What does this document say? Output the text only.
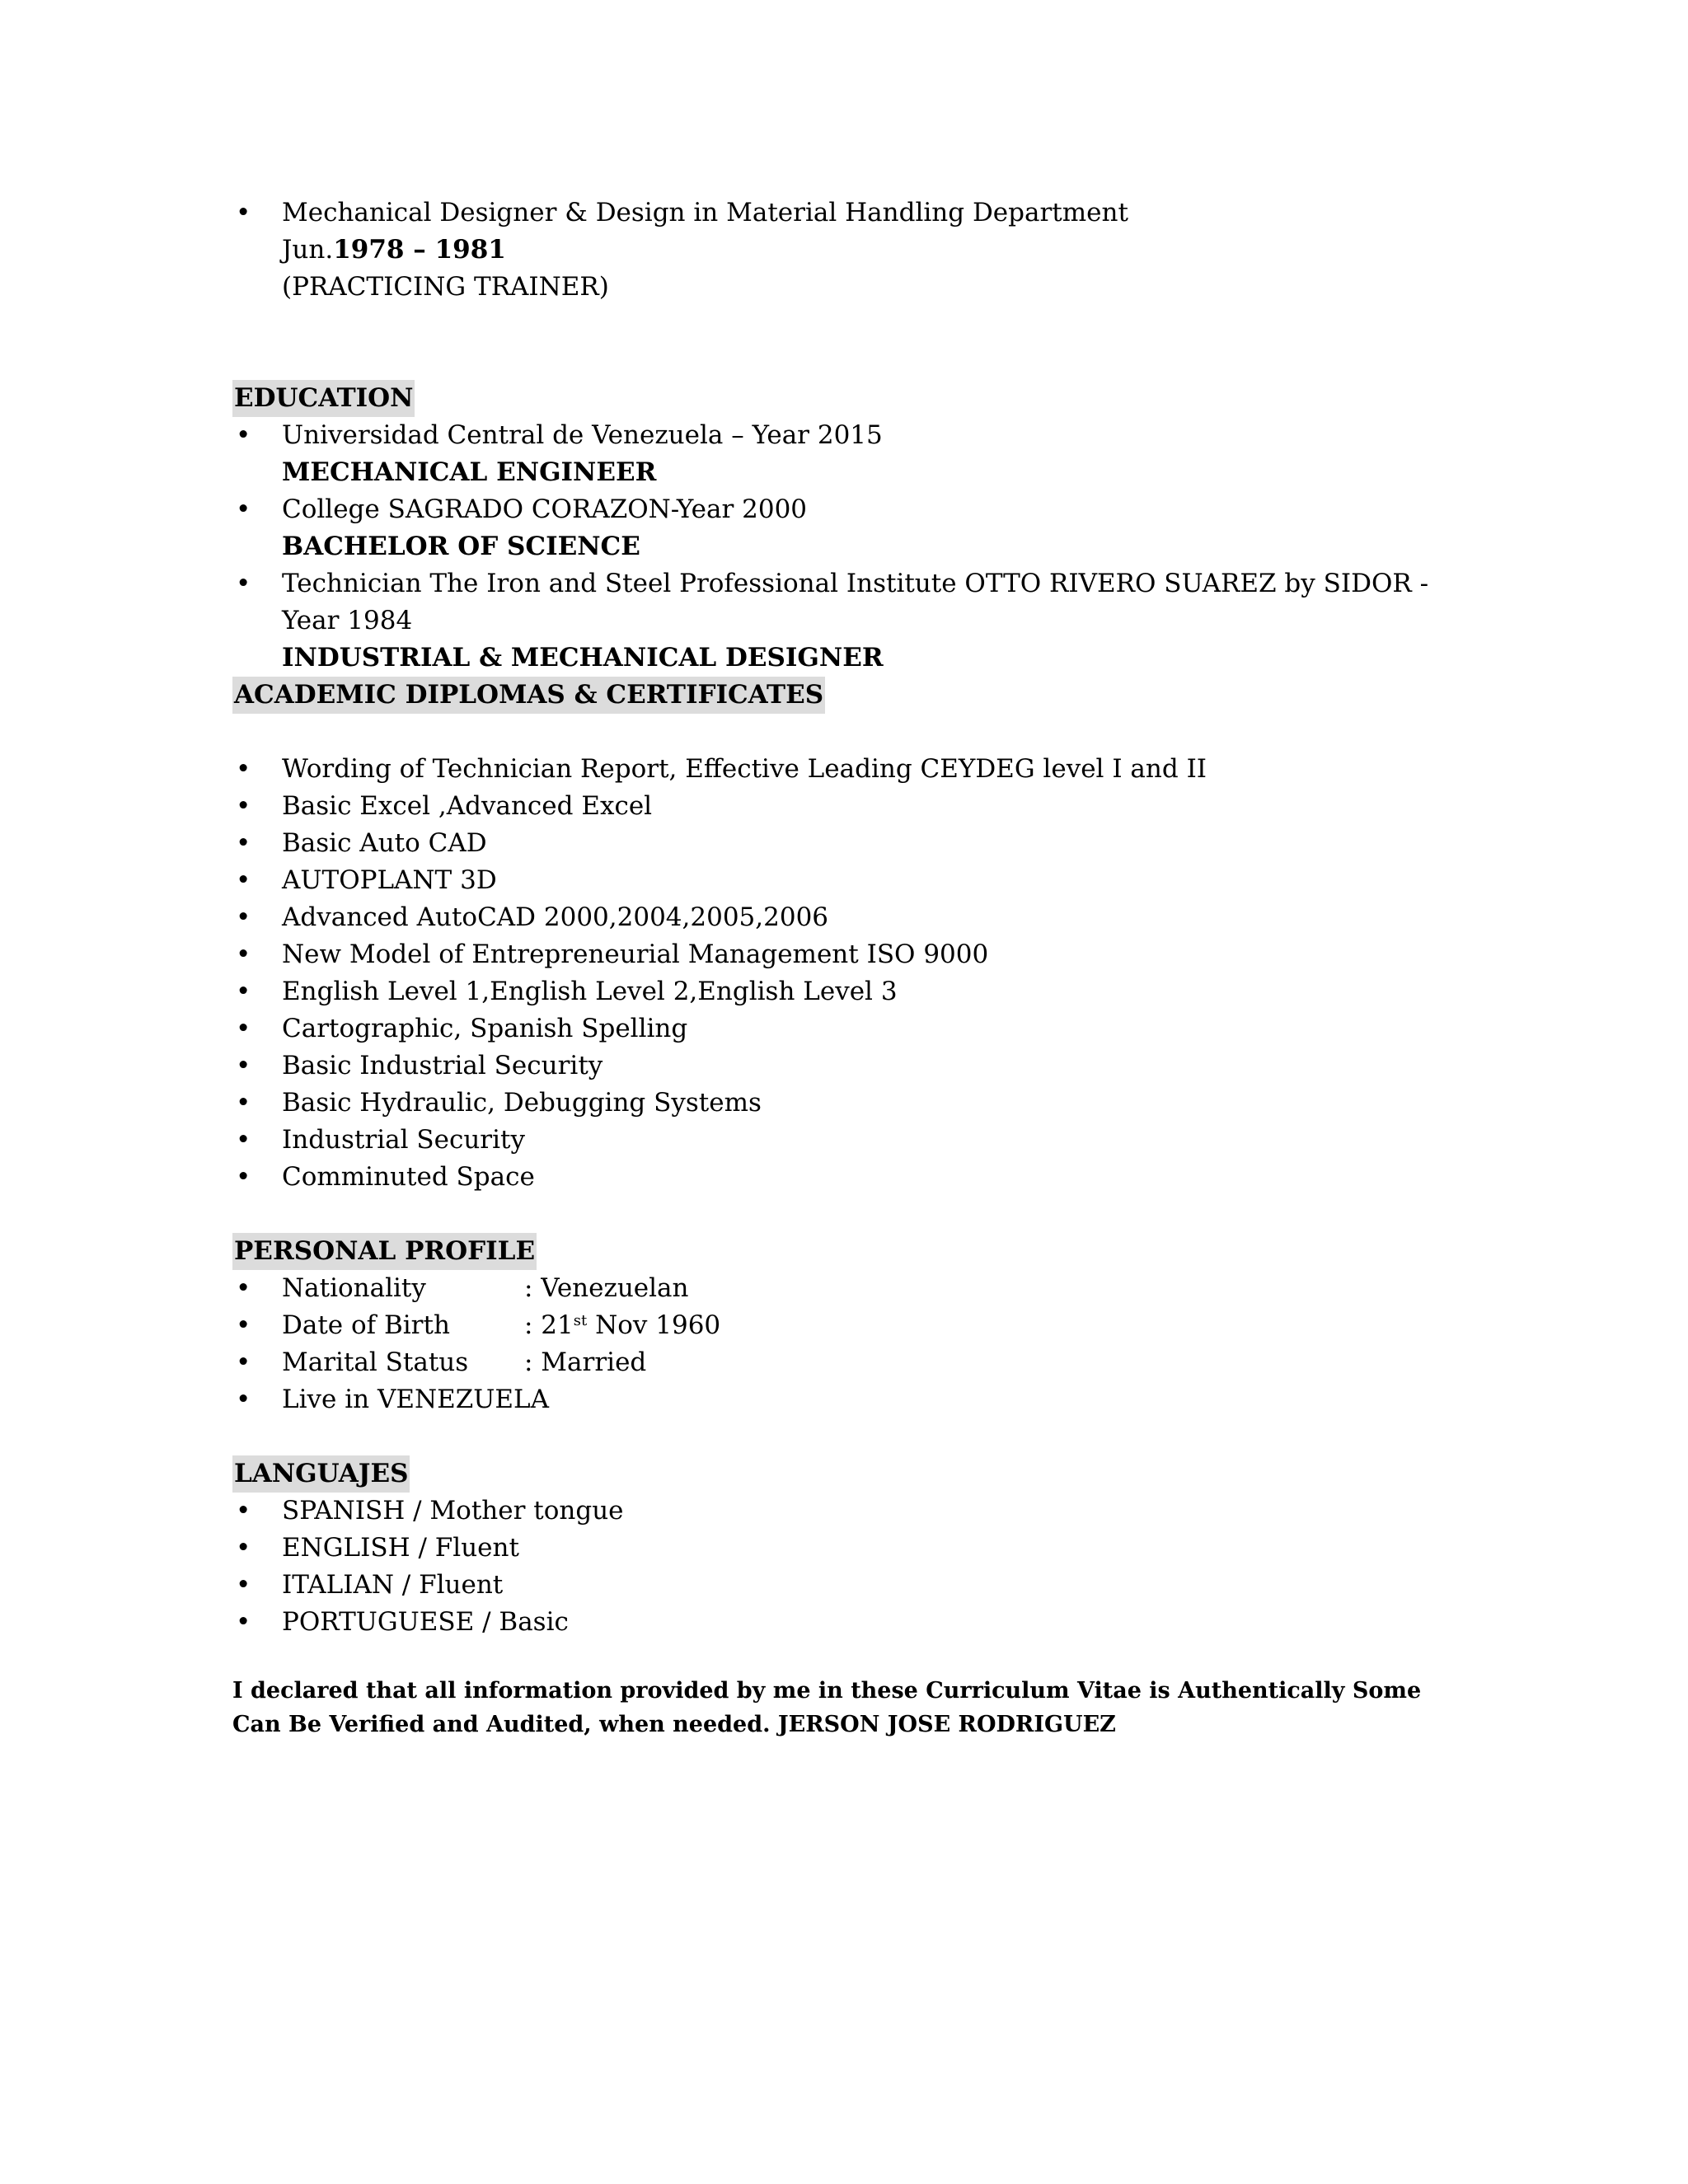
• Mechanical Designer & Design in Material Handling Department
Jun.1978 – 1981
(PRACTICING TRAINER)
EDUCATION
• Universidad Central de Venezuela – Year 2015
MECHANICAL ENGINEER
• College SAGRADO CORAZON-Year 2000
BACHELOR OF SCIENCE
• Technician The Iron and Steel Professional Institute OTTO RIVERO SUAREZ by SIDOR - Year 1984
INDUSTRIAL & MECHANICAL DESIGNER
ACADEMIC DIPLOMAS & CERTIFICATES
• Wording of Technician Report, Effective Leading CEYDEG level I and II
• Basic Excel ,Advanced Excel
• Basic Auto CAD
• AUTOPLANT 3D
• Advanced AutoCAD 2000,2004,2005,2006
• New Model of Entrepreneurial Management ISO 9000
• English Level 1,English Level 2,English Level 3
• Cartographic, Spanish Spelling
• Basic Industrial Security
• Basic Hydraulic, Debugging Systems
• Industrial Security
• Comminuted Space
PERSONAL PROFILE
• Nationality	: Venezuelan
• Date of Birth	: 21st Nov 1960
• Marital Status : Married
• Live in VENEZUELA
LANGUAJES
• SPANISH / Mother tongue
• ENGLISH / Fluent
• ITALIAN / Fluent
• PORTUGUESE / Basic
I declared that all information provided by me in these Curriculum Vitae is Authentically Some Can Be Verified and Audited, when needed. JERSON JOSE RODRIGUEZ
